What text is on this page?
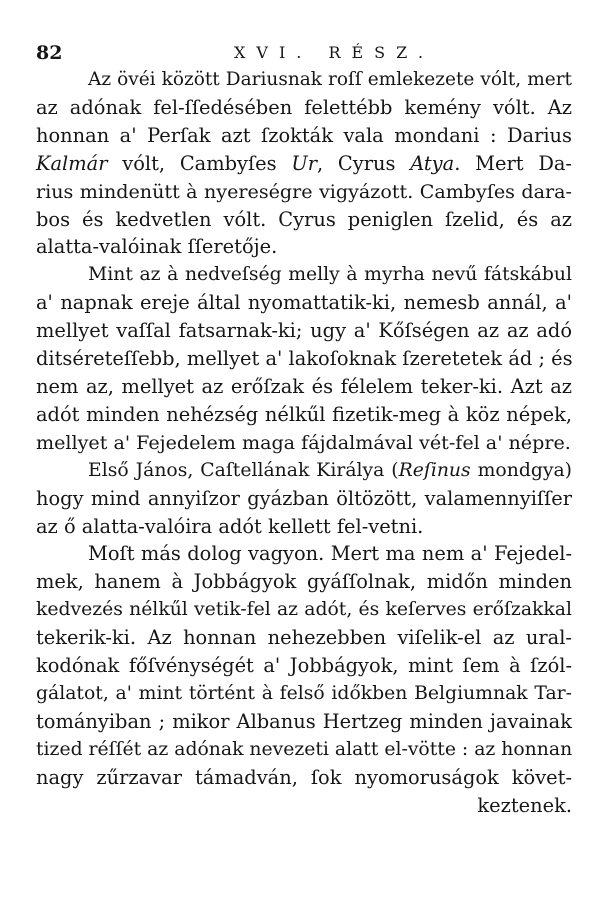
82	XVI. RÉSZ.
Az övéi között Dariusnak roſſ emlekezete vólt, mert
az adónak fel-ſſedésében felettébb kemény vólt. Az
honnan a' Perſak azt ſzokták vala mondani : Darius
Kalmár vólt, Cambyſes Ur, Cyrus Atya. Mert Da-
rius mindenütt à nyereségre vigyázott. Cambyſes dara-
bos és kedvetlen vólt. Cyrus peniglen ſzelid, és az
alatta-valóinak ſſeretője.
Mint az à nedveſség melly à myrha nevű fátskábul
a' napnak ereje által nyomattatik-ki, nemesb annál, a'
mellyet vaſſal fatsarnak-ki; ugy a' Kőſségen az az adó
ditséreteſſebb, mellyet a' lakoſoknak ſzeretetek ád ; és
nem az, mellyet az erőſzak és félelem teker-ki. Azt az
adót minden nehézség nélkűl fizetik-meg à köz népek,
mellyet a' Fejedelem maga fájdalmával vét-fel a' népre.
Első János, Caſtellának Királya (Reſinus mondgya)
hogy mind annyiſzor gyázban öltözött, valamennyiſſer
az ő alatta-valóira adót kellett fel-vetni.
Moſt más dolog vagyon. Mert ma nem a' Fejedel-
mek, hanem à Jobbágyok gyáſſolnak, midőn minden
kedvezés nélkűl vetik-fel az adót, és keſerves erőſzakkal
tekerik-ki. Az honnan nehezebben viſelik-el az ural-
kodónak főſvénységét a' Jobbágyok, mint ſem à ſzól-
gálatot, a' mint történt à felső időkben Belgiumnak Tar-
tományiban ; mikor Albanus Hertzeg minden javainak
tized réſſét az adónak nevezeti alatt el-vötte : az honnan
nagy zűrzavar támadván, ſok nyomoruságok követ-
keztenek.
